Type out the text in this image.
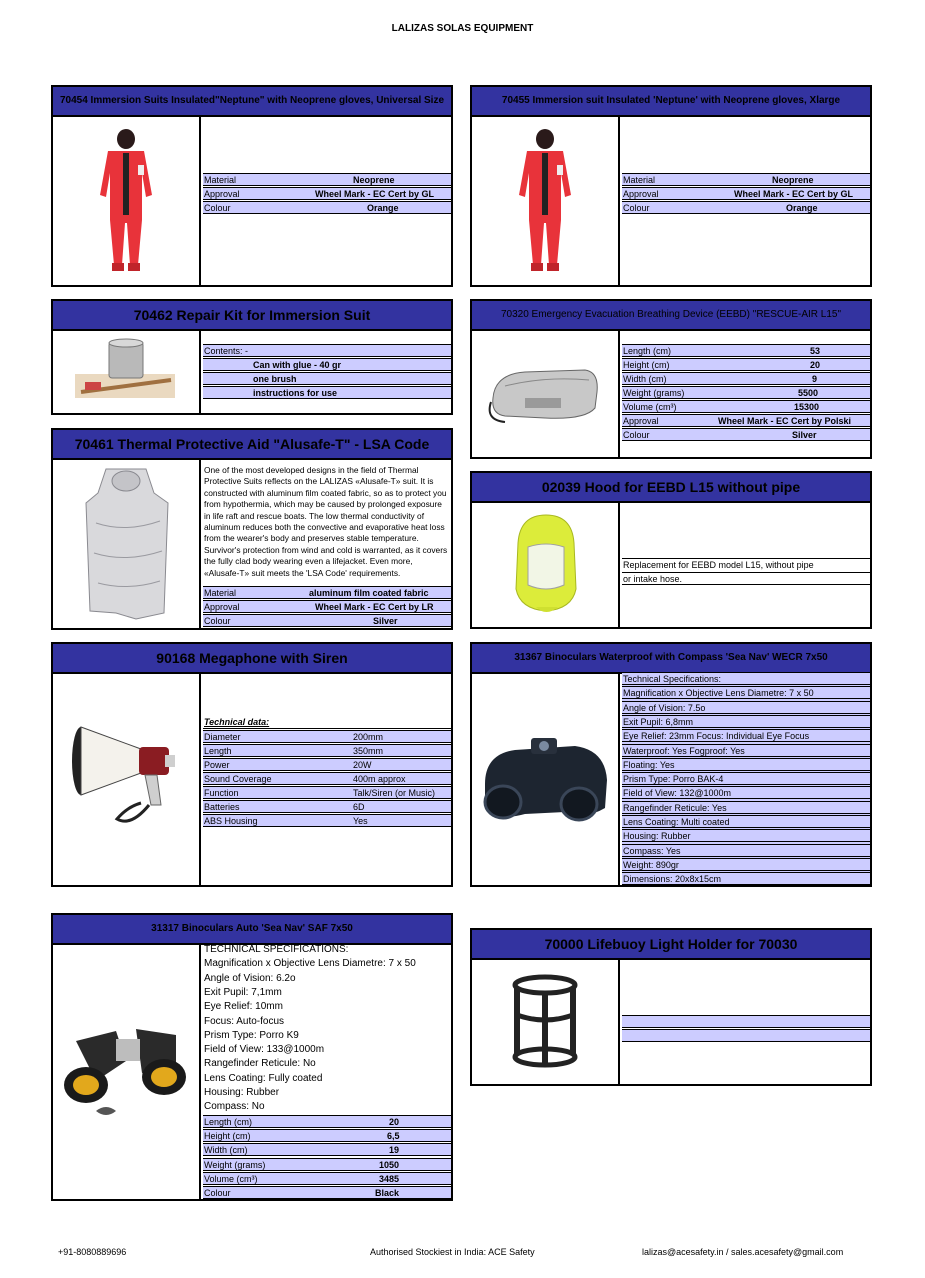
LALIZAS SOLAS EQUIPMENT
70454 Immersion Suits Insulated"Neptune" with Neoprene gloves, Universal Size
Material	Neoprene
Approval	Wheel Mark - EC Cert by GL
Colour	Orange
70455 Immersion suit Insulated 'Neptune' with Neoprene gloves, Xlarge
Material	Neoprene
Approval	Wheel Mark - EC Cert by GL
Colour	Orange
70462 Repair Kit for Immersion Suit
Contents: -
Can with glue - 40 gr
one brush
instructions for use
70320 Emergency Evacuation Breathing Device (EEBD) "RESCUE-AIR L15"
Length (cm)	53
Height (cm)	20
Width (cm)	9
Weight (grams)	5500
Volume (cm³)	15300
Approval	Wheel Mark - EC Cert by Polski
Colour	Silver
70461 Thermal Protective Aid "Alusafe-T" - LSA Code
One of the most developed designs in the field of Thermal Protective Suits reflects on the LALIZAS «Alusafe-T» suit. It is constructed with aluminum film coated fabric, so as to protect you from hypothermia, which may be caused by prolonged exposure in life raft and rescue boats. The low thermal conductivity of aluminum reduces both the convective and evaporative heat loss from the wearer's body and preserves stable temperature. Survivor's protection from wind and cold is warranted, as it covers the fully clad body wearing even a lifejacket. Even more, «Alusafe-T» suit meets the 'LSA Code' requirements.
Material	aluminum film coated fabric
Approval	Wheel Mark - EC Cert by LR
Colour	Silver
02039 Hood for EEBD L15 without pipe
Replacement for EEBD model L15, without pipe
or intake hose.
90168 Megaphone with Siren
Technical data:
Diameter	200mm
Length	350mm
Power	20W
Sound Coverage	400m approx
Function	Talk/Siren (or Music)
Batteries	6D
ABS Housing	Yes
31367 Binoculars Waterproof with Compass 'Sea Nav' WECR 7x50
Technical Specifications:
Magnification x Objective Lens Diametre: 7 x 50
Angle of Vision: 7.5o
Exit Pupil: 6,8mm
Eye Relief: 23mm Focus: Individual Eye Focus
Waterproof: Yes Fogproof: Yes
Floating: Yes
Prism Type: Porro BAK-4
Field of View: 132@1000m
Rangefinder Reticule: Yes
Lens Coating: Multi coated
Housing: Rubber
Compass: Yes
Weight: 890gr
Dimensions: 20x8x15cm
31317 Binoculars Auto 'Sea Nav' SAF 7x50
TECHNICAL SPECIFICATIONS:
Magnification x Objective Lens Diametre: 7 x 50
Angle of Vision: 6.2o
Exit Pupil: 7,1mm
Eye Relief: 10mm
Focus: Auto-focus
Prism Type: Porro K9
Field of View: 133@1000m
Rangefinder Reticule: No
Lens Coating: Fully coated
Housing: Rubber
Compass: No
Length (cm)	20
Height (cm)	6,5
Width (cm)	19
Weight (grams)	1050
Volume (cm³)	3485
Colour	Black
70000 Lifebuoy Light Holder for 70030
+91-8080889696	Authorised Stockiest in India: ACE Safety	lalizas@acesafety.in / sales.acesafety@gmail.com
